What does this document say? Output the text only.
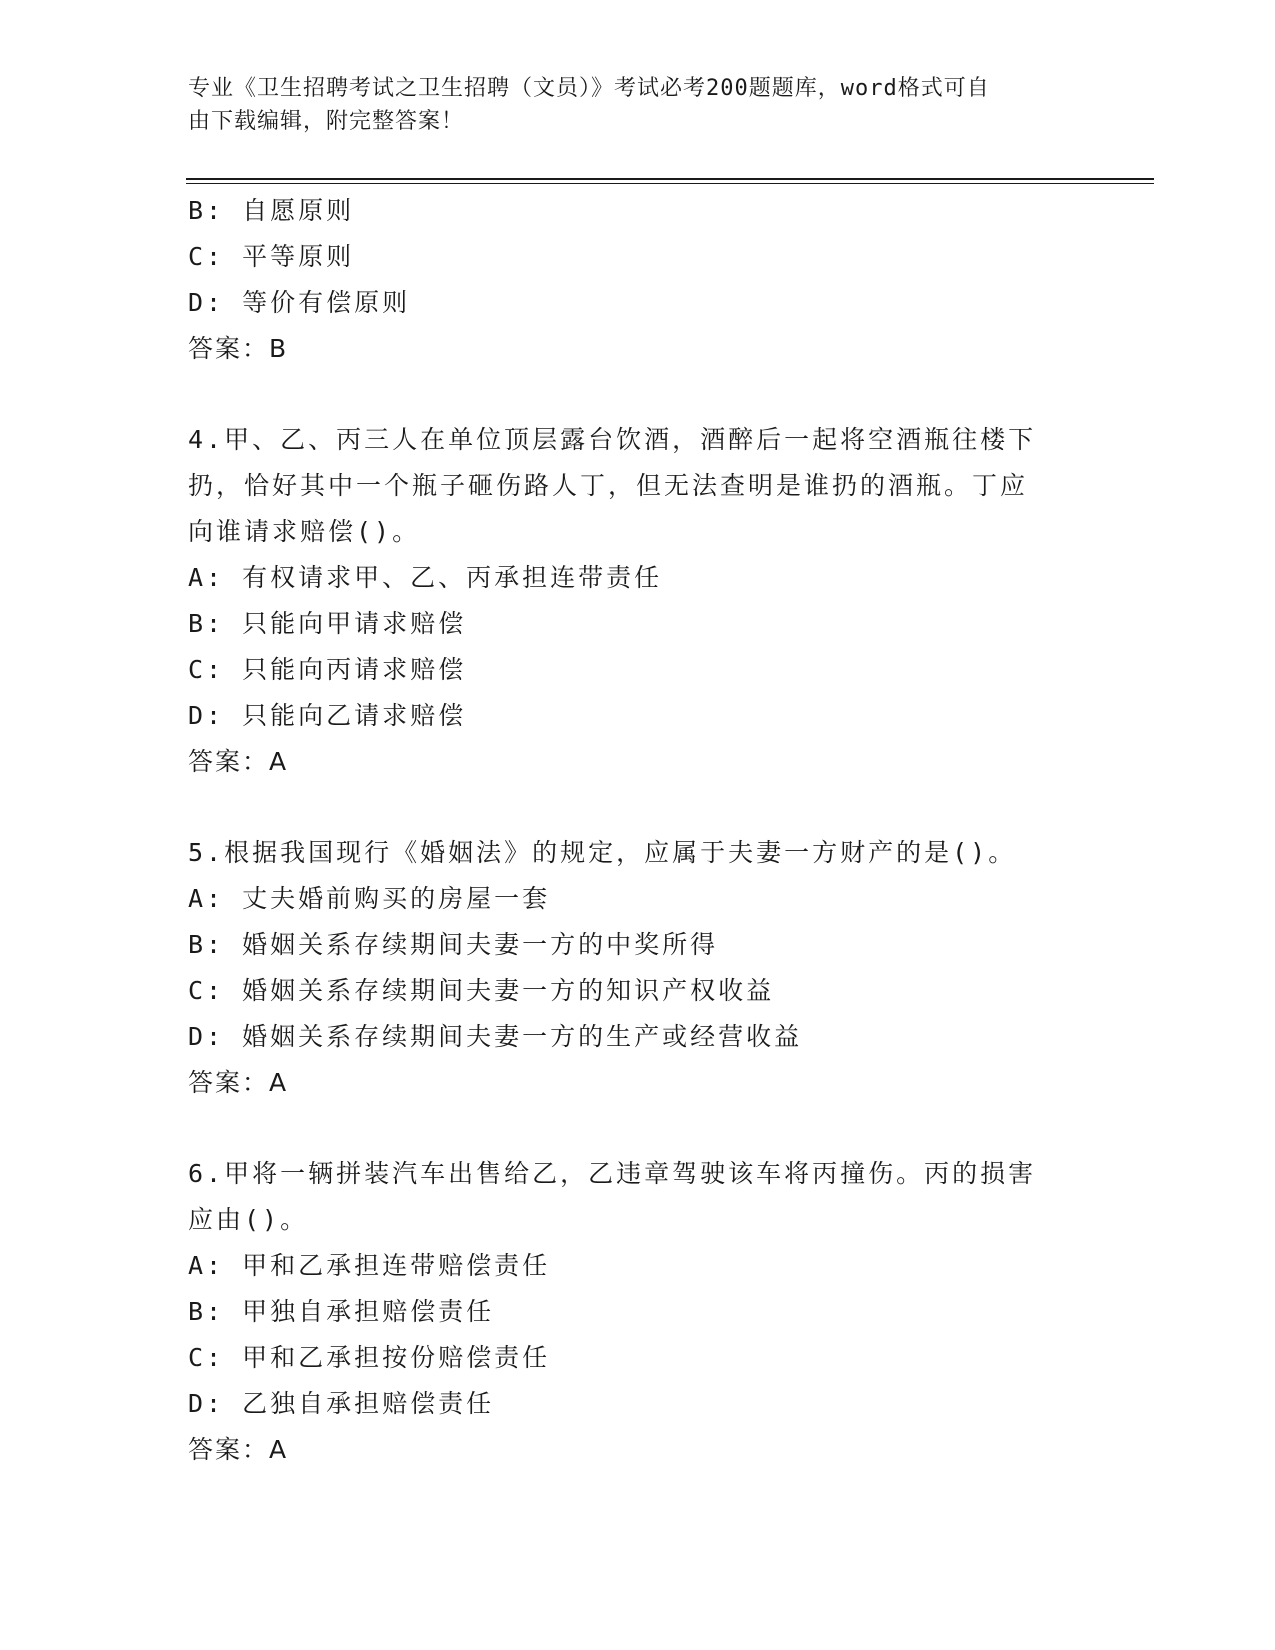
专业《卫生招聘考试之卫生招聘（文员）》考试必考200题题库，word格式可自
由下载编辑，附完整答案！
B: 自愿原则
C: 平等原则
D: 等价有偿原则
答案：B
4.甲、乙、丙三人在单位顶层露台饮酒，酒醉后一起将空酒瓶往楼下
扔，恰好其中一个瓶子砸伤路人丁，但无法查明是谁扔的酒瓶。丁应
向谁请求赔偿()。
A: 有权请求甲、乙、丙承担连带责任
B: 只能向甲请求赔偿
C: 只能向丙请求赔偿
D: 只能向乙请求赔偿
答案：A
5.根据我国现行《婚姻法》的规定，应属于夫妻一方财产的是()。
A: 丈夫婚前购买的房屋一套
B: 婚姻关系存续期间夫妻一方的中奖所得
C: 婚姻关系存续期间夫妻一方的知识产权收益
D: 婚姻关系存续期间夫妻一方的生产或经营收益
答案：A
6.甲将一辆拼装汽车出售给乙，乙违章驾驶该车将丙撞伤。丙的损害
应由()。
A: 甲和乙承担连带赔偿责任
B: 甲独自承担赔偿责任
C: 甲和乙承担按份赔偿责任
D: 乙独自承担赔偿责任
答案：A
